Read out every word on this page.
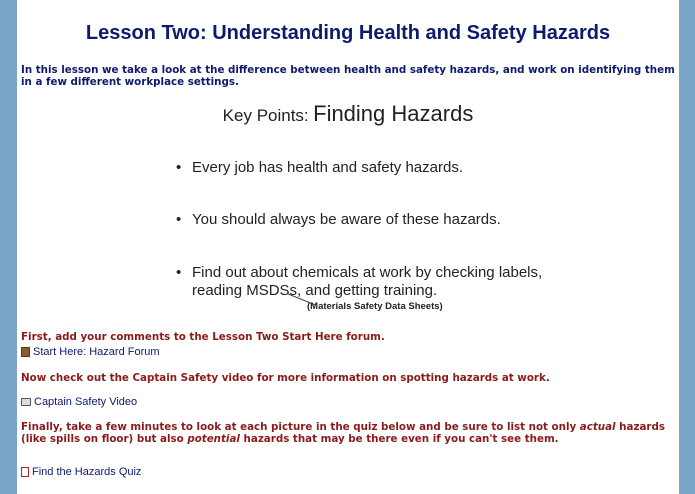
Lesson Two: Understanding Health and Safety Hazards
In this lesson we take a look at the difference between health and safety hazards, and work on identifying them in a few different workplace settings.
Key Points: Finding Hazards
• Every job has health and safety hazards.
• You should always be aware of these hazards.
• Find out about chemicals at work by checking labels,
reading MSDSs, and getting training.
(Materials Safety Data Sheets)
First, add your comments to the Lesson Two Start Here forum.
Start Here: Hazard Forum
Now check out the Captain Safety video for more information on spotting hazards at work.
Captain Safety Video
Finally, take a few minutes to look at each picture in the quiz below and be sure to list not only actual hazards (like spills on floor) but also potential hazards that may be there even if you can't see them.
Find the Hazards Quiz
